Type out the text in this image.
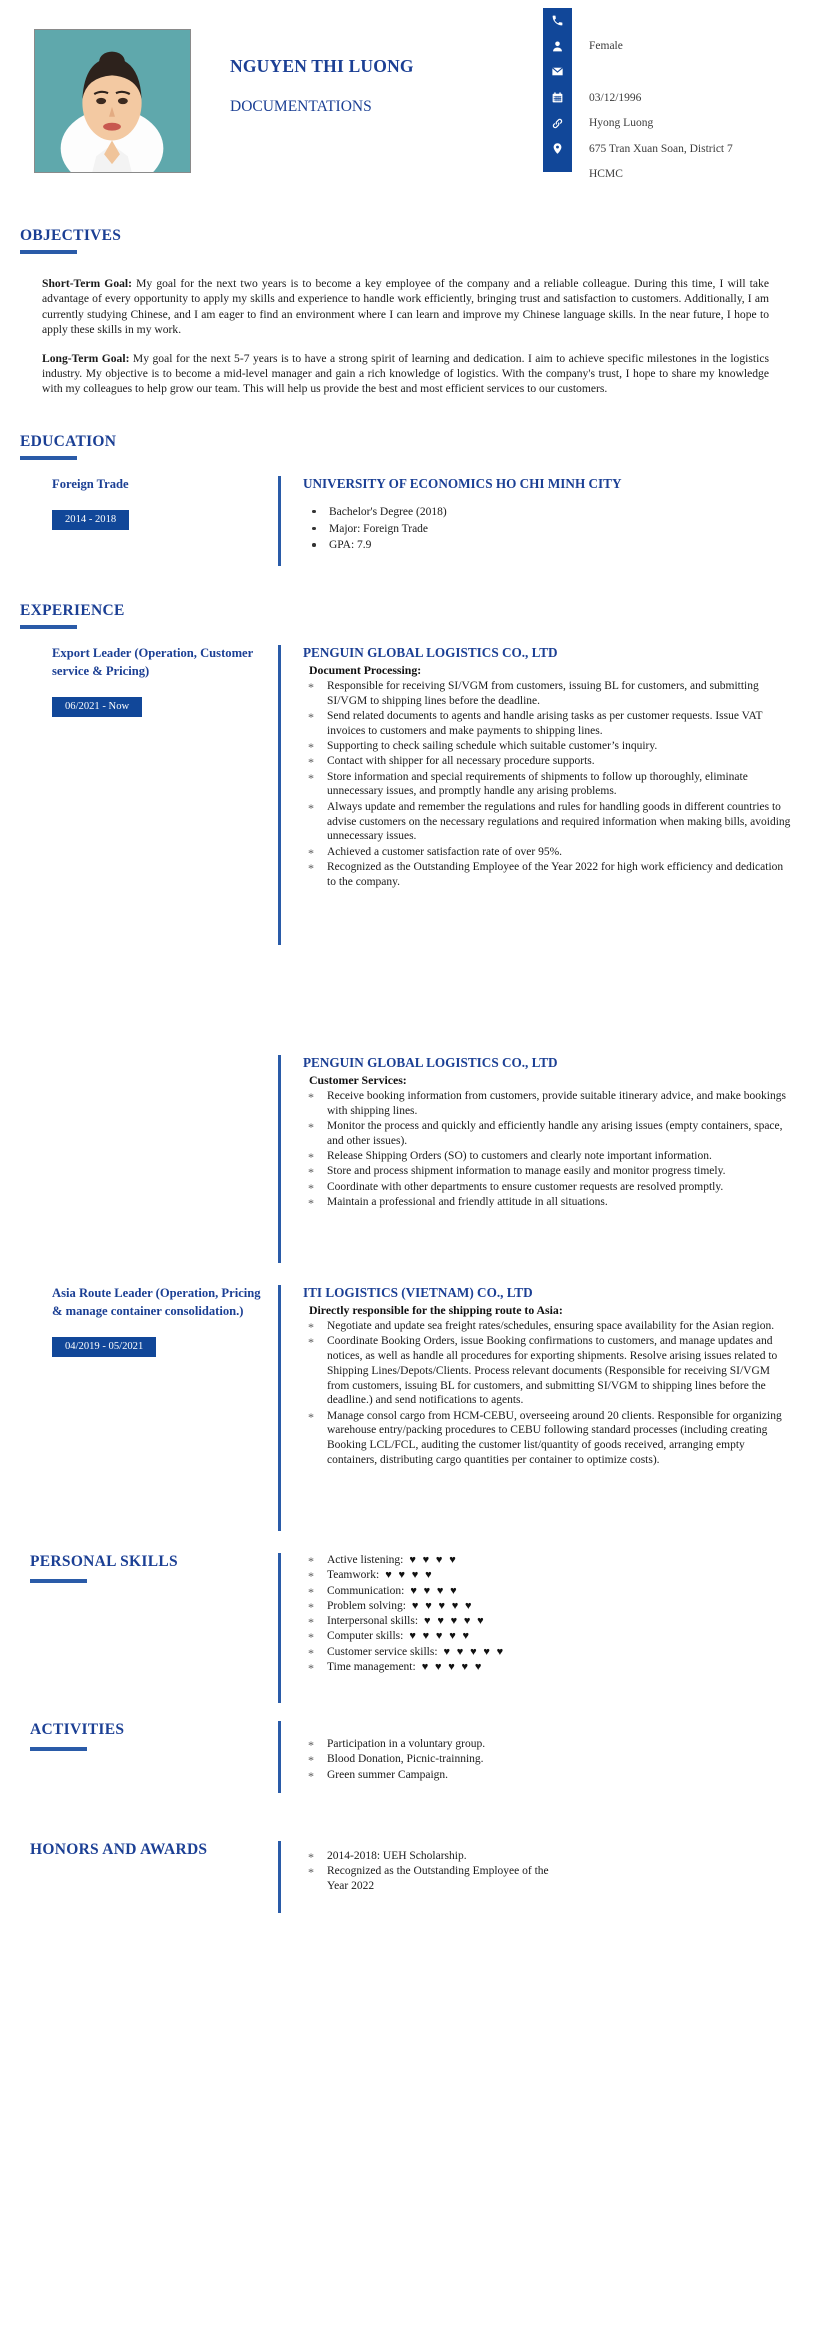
NGUYEN THI LUONG
DOCUMENTATIONS
Female
03/12/1996
Hyong Luong
675 Tran Xuan Soan, District 7
HCMC
OBJECTIVES

Short-Term Goal: My goal for the next two years is to become a key employee of the company and a reliable colleague. During this time, I will take advantage of every opportunity to apply my skills and experience to handle work efficiently, bringing trust and satisfaction to customers. Additionally, I am currently studying Chinese, and I am eager to find an environment where I can learn and improve my Chinese language skills. In the near future, I hope to apply these skills in my work.

Long-Term Goal: My goal for the next 5-7 years is to have a strong spirit of learning and dedication. I aim to achieve specific milestones in the logistics industry. My objective is to become a mid-level manager and gain a rich knowledge of logistics. With the company's trust, I hope to share my knowledge with my colleagues to help grow our team. This will help us provide the best and most efficient services to our customers.

EDUCATION
Foreign Trade
2014 - 2018
UNIVERSITY OF ECONOMICS HO CHI MINH CITY
Bachelor's Degree (2018)
Major: Foreign Trade
GPA: 7.9
EXPERIENCE
Export Leader (Operation, Customer service & Pricing)
06/2021 - Now
PENGUIN GLOBAL LOGISTICS CO., LTD
Document Processing:
* Responsible for receiving SI/VGM from customers, issuing BL for customers, and submitting SI/VGM to shipping lines before the deadline.
* Send related documents to agents and handle arising tasks as per customer requests. Issue VAT invoices to customers and make payments to shipping lines.
* Supporting to check sailing schedule which suitable customer’s inquiry.
* Contact with shipper for all necessary procedure supports.
* Store information and special requirements of shipments to follow up thoroughly, eliminate unnecessary issues, and promptly handle any arising problems.
* Always update and remember the regulations and rules for handling goods in different countries to advise customers on the necessary regulations and required information when making bills, avoiding unnecessary issues.
* Achieved a customer satisfaction rate of over 95%.
* Recognized as the Outstanding Employee of the Year 2022 for high work efficiency and dedication to the company.
PENGUIN GLOBAL LOGISTICS CO., LTD
Customer Services:
* Receive booking information from customers, provide suitable itinerary advice, and make bookings with shipping lines.
* Monitor the process and quickly and efficiently handle any arising issues (empty containers, space, and other issues).
* Release Shipping Orders (SO) to customers and clearly note important information.
* Store and process shipment information to manage easily and monitor progress timely.
* Coordinate with other departments to ensure customer requests are resolved promptly.
* Maintain a professional and friendly attitude in all situations.
Asia Route Leader (Operation, Pricing & manage container consolidation.)
04/2019 - 05/2021
ITI LOGISTICS (VIETNAM) CO., LTD
Directly responsible for the shipping route to Asia:
* Negotiate and update sea freight rates/schedules, ensuring space availability for the Asian region.
* Coordinate Booking Orders, issue Booking confirmations to customers, and manage updates and notices, as well as handle all procedures for exporting shipments. Resolve arising issues related to Shipping Lines/Depots/Clients. Process relevant documents (Responsible for receiving SI/VGM from customers, issuing BL for customers, and submitting SI/VGM to shipping lines before the deadline.) and send notifications to agents.
* Manage consol cargo from HCM-CEBU, overseeing around 20 clients. Responsible for organizing warehouse entry/packing procedures to CEBU following standard processes (including creating Booking LCL/FCL, auditing the customer list/quantity of goods received, arranging empty containers, distributing cargo quantities per container to optimize costs).
PERSONAL SKILLS	* Active listening: ♥ ♥ ♥ ♥
* Teamwork: ♥ ♥ ♥ ♥
* Communication: ♥ ♥ ♥ ♥
* Problem solving: ♥ ♥ ♥ ♥ ♥
* Interpersonal skills: ♥ ♥ ♥ ♥ ♥
* Computer skills: ♥ ♥ ♥ ♥ ♥
* Customer service skills: ♥ ♥ ♥ ♥ ♥
* Time management: ♥ ♥ ♥ ♥ ♥
ACTIVITIES
* Participation in a voluntary group.
* Blood Donation, Picnic-trainning.
* Green summer Campaign.
HONORS AND AWARDS	* 2014-2018: UEH Scholarship.
* Recognized as the Outstanding Employee of the Year 2022
